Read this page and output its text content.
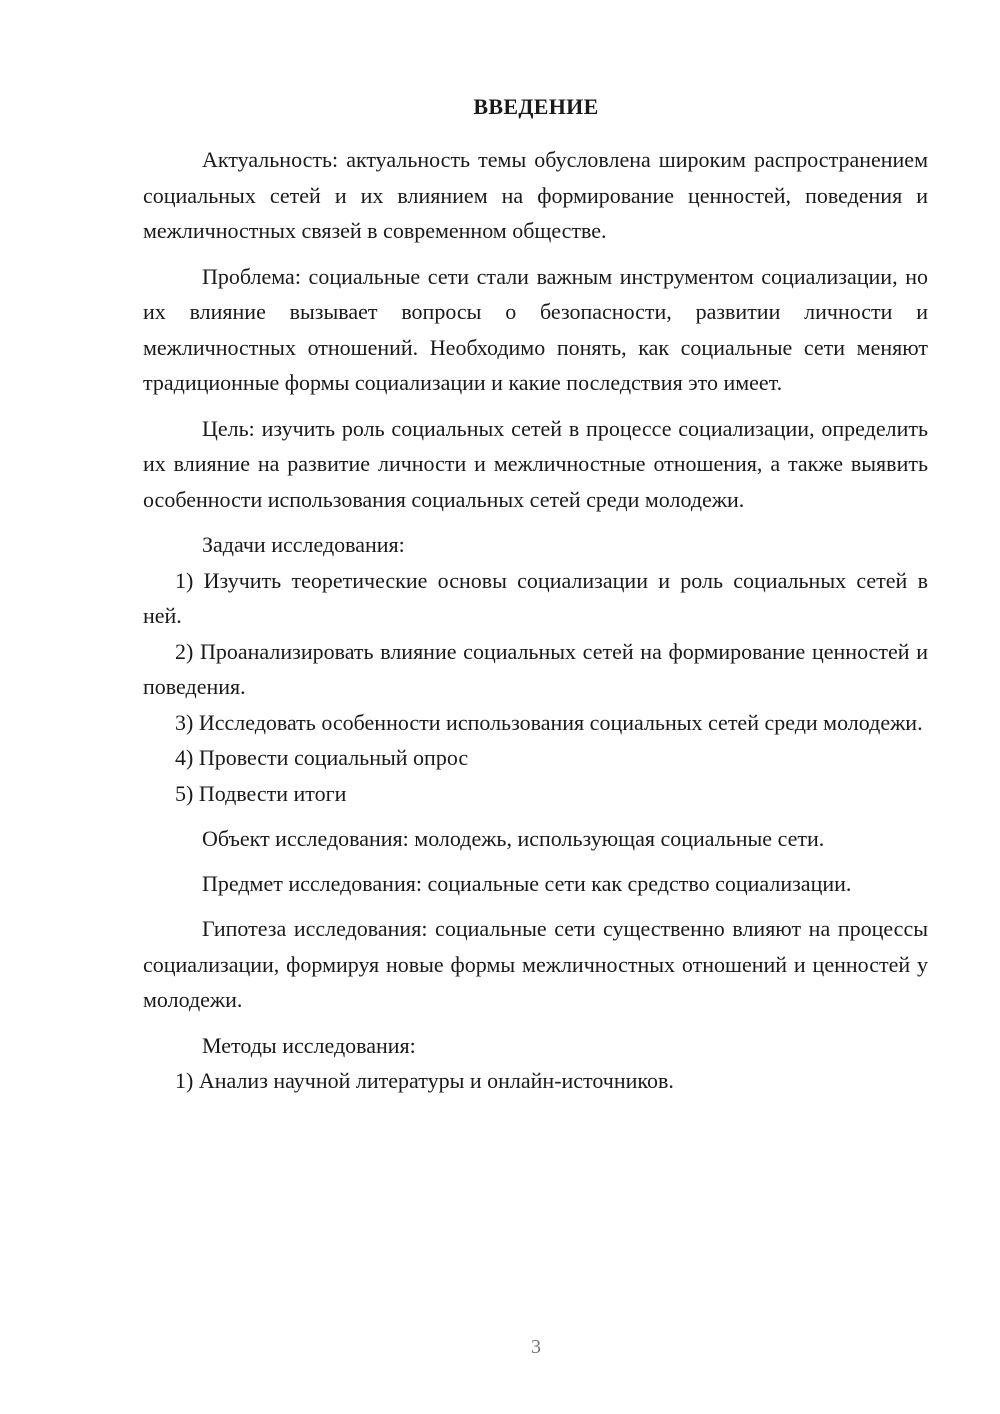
ВВЕДЕНИЕ

Актуальность: актуальность темы обусловлена широким распространением социальных сетей и их влиянием на формирование ценностей, поведения и межличностных связей в современном обществе.

Проблема: социальные сети стали важным инструментом социализации, но их влияние вызывает вопросы о безопасности, развитии личности и межличностных отношений. Необходимо понять, как социальные сети меняют традиционные формы социализации и какие последствия это имеет.

Цель: изучить роль социальных сетей в процессе социализации, определить их влияние на развитие личности и межличностные отношения, а также выявить особенности использования социальных сетей среди молодежи.

Задачи исследования:

1) Изучить теоретические основы социализации и роль социальных сетей в ней.

2) Проанализировать влияние социальных сетей на формирование ценностей и поведения.

3) Исследовать особенности использования социальных сетей среди молодежи.

4) Провести социальный опрос

5) Подвести итоги

Объект исследования: молодежь, использующая социальные сети.

Предмет исследования: социальные сети как средство социализации.

Гипотеза исследования: социальные сети существенно влияют на процессы социализации, формируя новые формы межличностных отношений и ценностей у молодежи.

Методы исследования:

1) Анализ научной литературы и онлайн-источников.

3
